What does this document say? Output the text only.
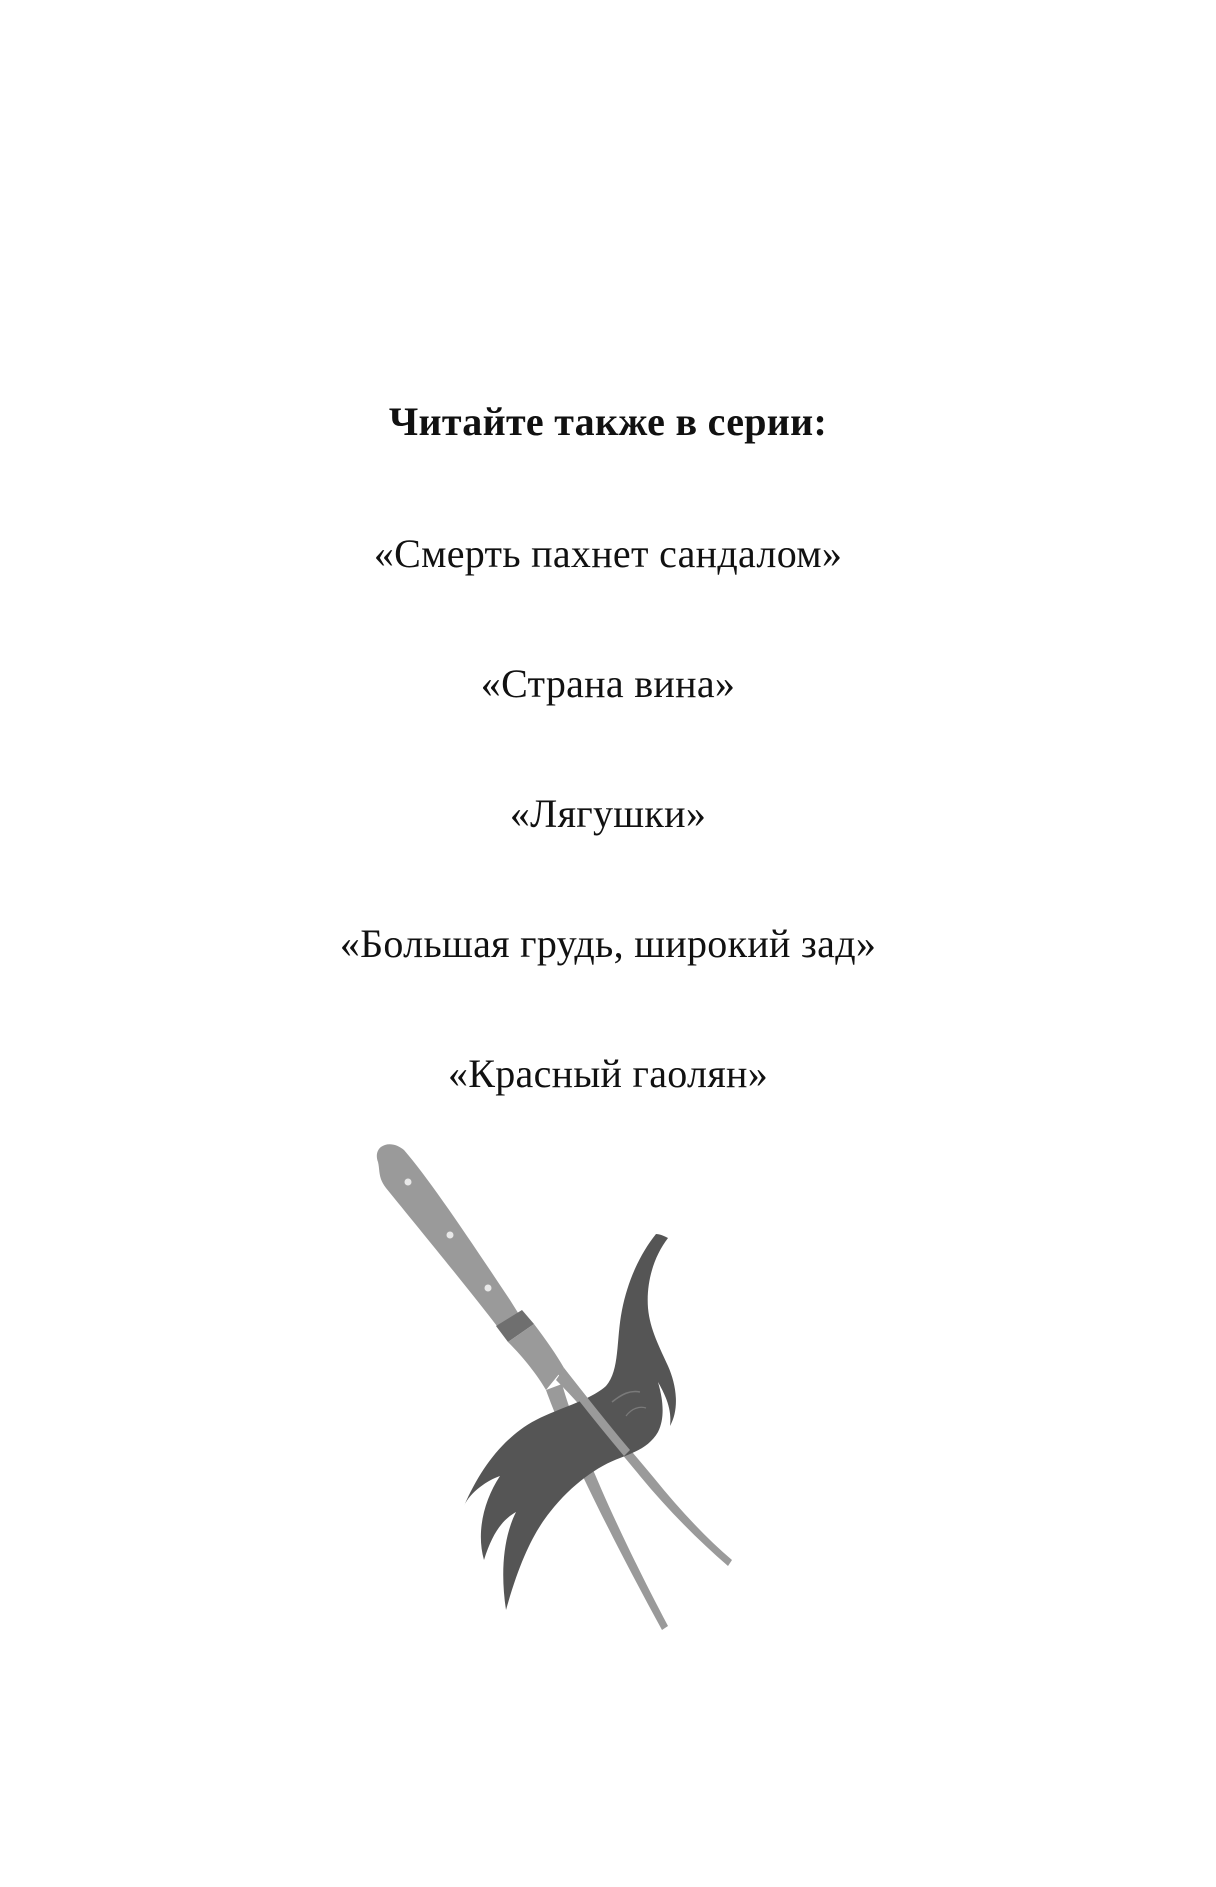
Читайте также в серии:
«Смерть пахнет сандалом»
«Страна вина»
«Лягушки»
«Большая грудь, широкий зад»
«Красный гаолян»
